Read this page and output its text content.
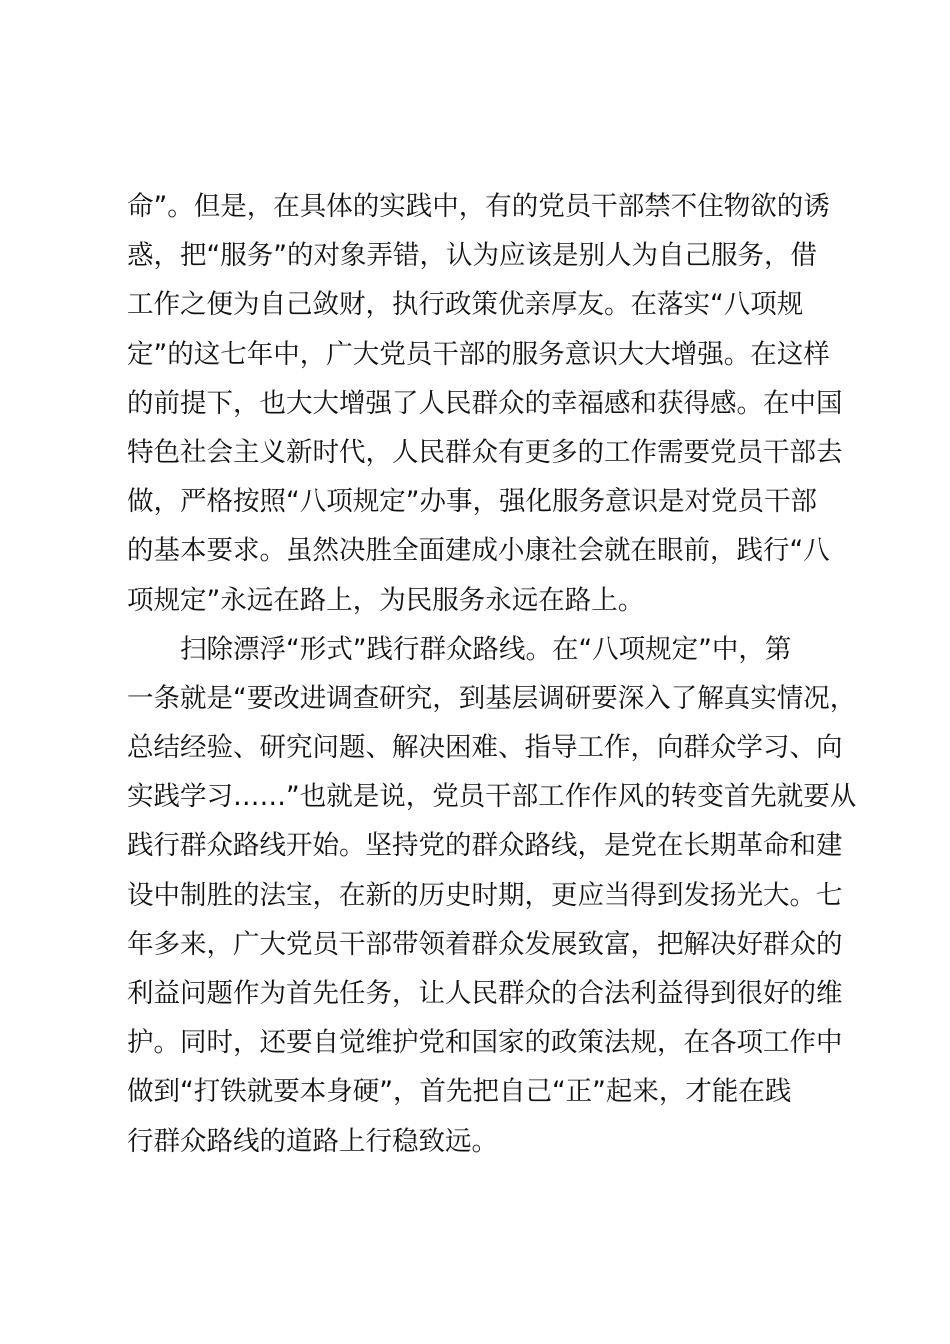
命”。但是，在具体的实践中，有的党员干部禁不住物欲的诱

惑，把“服务”的对象弄错，认为应该是别人为自己服务，借

工作之便为自己敛财，执行政策优亲厚友。在落实“八项规

定”的这七年中，广大党员干部的服务意识大大增强。在这样

的前提下，也大大增强了人民群众的幸福感和获得感。在中国

特色社会主义新时代，人民群众有更多的工作需要党员干部去

做，严格按照“八项规定”办事，强化服务意识是对党员干部

的基本要求。虽然决胜全面建成小康社会就在眼前，践行“八

项规定”永远在路上，为民服务永远在路上。

扫除漂浮“形式”践行群众路线。在“八项规定”中，第

一条就是“要改进调查研究，到基层调研要深入了解真实情况，

总结经验、研究问题、解决困难、指导工作，向群众学习、向

实践学习……”也就是说，党员干部工作作风的转变首先就要从

践行群众路线开始。坚持党的群众路线，是党在长期革命和建

设中制胜的法宝，在新的历史时期，更应当得到发扬光大。七

年多来，广大党员干部带领着群众发展致富，把解决好群众的

利益问题作为首先任务，让人民群众的合法利益得到很好的维

护。同时，还要自觉维护党和国家的政策法规，在各项工作中

做到“打铁就要本身硬”，首先把自己“正”起来，才能在践

行群众路线的道路上行稳致远。
